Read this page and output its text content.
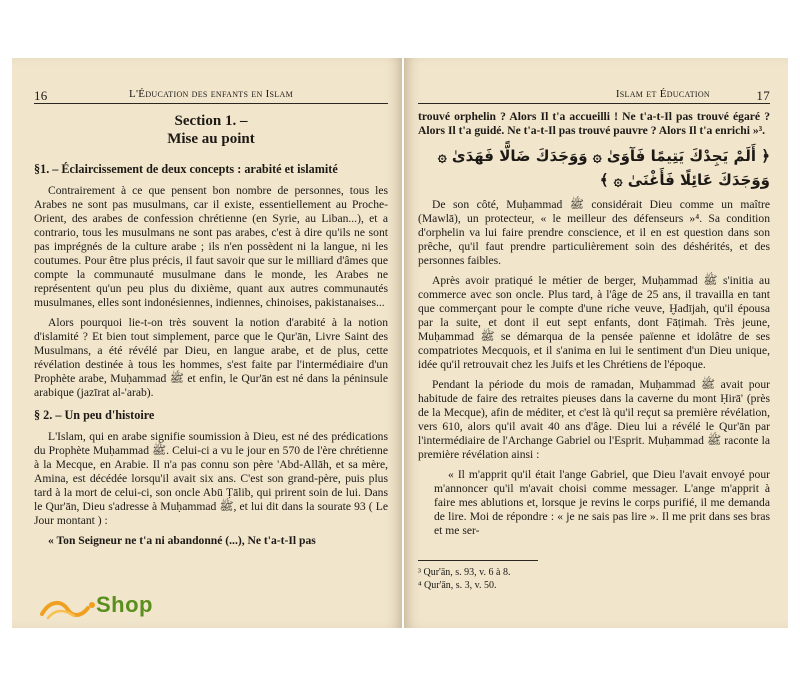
16	L'Éducation des enfants en Islam
Section 1. –
Mise au point

§1. – Éclaircissement de deux concepts : arabité et islamité

Contrairement à ce que pensent bon nombre de personnes, tous les Arabes ne sont pas musulmans, car il existe, essentiellement au Proche-Orient, des arabes de confession chrétienne (en Syrie, au Liban...), et a contrario, tous les musulmans ne sont pas arabes, c'est à dire qu'ils ne sont pas imprégnés de la culture arabe ; ils n'en possèdent ni la langue, ni les coutumes. Pour être plus précis, il faut savoir que sur le milliard d'âmes que compte la communauté musulmane dans le monde, les Arabes ne représentent qu'un peu plus du dixième, quant aux autres communautés musulmanes, elles sont indonésiennes, indiennes, chinoises, pakistanaises...

Alors pourquoi lie-t-on très souvent la notion d'arabité à la notion d'islamité ? Et bien tout simplement, parce que le Qur'ān, Livre Saint des Musulmans, a été révélé par Dieu, en langue arabe, et de plus, cette révélation destinée à tous les hommes, s'est faite par l'intermédiaire d'un Prophète arabe, Muḥammad ﷺ et enfin, le Qur'ān est né dans la péninsule arabique (jazīrat al-'arab).

§ 2. – Un peu d'histoire

L'Islam, qui en arabe signifie soumission à Dieu, est né des prédications du Prophète Muḥammad ﷺ. Celui-ci a vu le jour en 570 de l'ère chrétienne à la Mecque, en Arabie. Il n'a pas connu son père 'Abd-Allāh, et sa mère, Amina, est décédée lorsqu'il avait six ans. C'est son grand-père, puis plus tard à la mort de celui-ci, son oncle Abū Ṭālib, qui prirent soin de lui. Dans le Qur'ān, Dieu s'adresse à Muḥammad ﷺ, et lui dit dans la sourate 93 ( Le Jour montant ) :

« Ton Seigneur ne t'a ni abandonné (...), Ne t'a-t-Il pas

Islam et Éducation	17

trouvé orphelin ? Alors Il t'a accueilli ! Ne t'a-t-Il pas trouvé égaré ? Alors Il t'a guidé. Ne t'a-t-Il pas trouvé pauvre ? Alors Il t'a enrichi »³.

﴿ أَلَمْ يَجِدْكَ يَتِيمًا فَآوَىٰ ۞ وَوَجَدَكَ ضَالًّا فَهَدَىٰ ۞ وَوَجَدَكَ عَائِلًا فَأَغْنَىٰ ۞ ﴾

De son côté, Muḥammad ﷺ considérait Dieu comme un maître (Mawlā), un protecteur, « le meilleur des défenseurs »⁴. Sa condition d'orphelin va lui faire prendre conscience, et il en est question dans son prêche, qu'il faut prendre particulièrement soin des déshérités, et des personnes faibles.

Après avoir pratiqué le métier de berger, Muḥammad ﷺ s'initia au commerce avec son oncle. Plus tard, à l'âge de 25 ans, il travailla en tant que commerçant pour le compte d'une riche veuve, Ḫadījah, qu'il épousa par la suite, et dont il eut sept enfants, dont Fāṭimah. Très jeune, Muḥammad ﷺ se démarqua de la pensée païenne et idolâtre de ses compatriotes Mecquois, et il s'anima en lui le sentiment d'un Dieu unique, idée qu'il retrouvait chez les Juifs et les Chrétiens de l'époque.

Pendant la période du mois de ramadan, Muḥammad ﷺ avait pour habitude de faire des retraites pieuses dans la caverne du mont Ḥirā' (près de la Mecque), afin de méditer, et c'est là qu'il reçut sa première révélation, vers 610, alors qu'il avait 40 ans d'âge. Dieu lui a révélé le Qur'ān par l'intermédiaire de l'Archange Gabriel ou l'Esprit. Muḥammad ﷺ raconte la première révélation ainsi :

« Il m'apprit qu'il était l'ange Gabriel, que Dieu l'avait envoyé pour m'annoncer qu'il m'avait choisi comme messager. L'ange m'apprit à faire mes ablutions et, lorsque je revins le corps purifié, il me demanda de lire. Moi de répondre : « je ne sais pas lire ». Il me prit dans ses bras et me ser-

³ Qur'ān, s. 93, v. 6 à 8.

⁴ Qur'ān, s. 3, v. 50.

Shop
